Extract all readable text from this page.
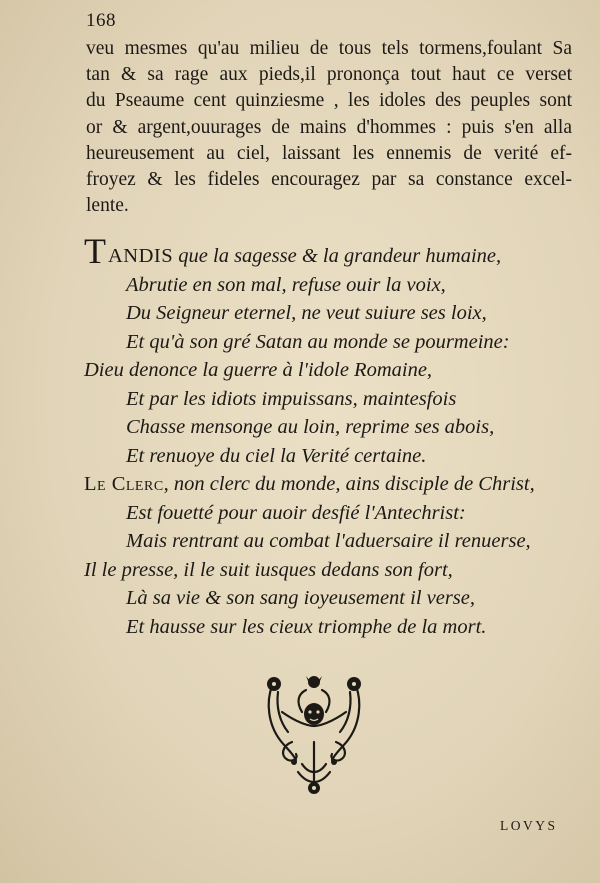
168
veu mesmes qu'au milieu de tous tels tormens,foulant Sa
tan & sa rage aux pieds,il prononça tout haut ce verset
du Pseaume cent quinziesme , les idoles des peuples sont
or & argent,ouurages de mains d'hommes : puis s'en alla
heureusement au ciel, laissant les ennemis de verité ef-
froyez & les fideles encouragez par sa constance excel-
lente.
TANDIS que la sagesse & la grandeur humaine,
Abrutie en son mal, refuse ouir la voix,
Du Seigneur eternel, ne veut suiure ses loix,
Et qu'à son gré Satan au monde se pourmeine:
Dieu denonce la guerre à l'idole Romaine,
Et par les idiots impuissans, maintesfois
Chasse mensonge au loin, reprime ses abois,
Et renuoye du ciel la Verité certaine.
Le Clerc, non clerc du monde, ains disciple de Christ,
Est fouetté pour auoir desfié l'Antechrist:
Mais rentrant au combat l'aduersaire il renuerse,
Il le presse, il le suit iusques dedans son fort,
Là sa vie & son sang ioyeusement il verse,
Et hausse sur les cieux triomphe de la mort.
LOVYS
